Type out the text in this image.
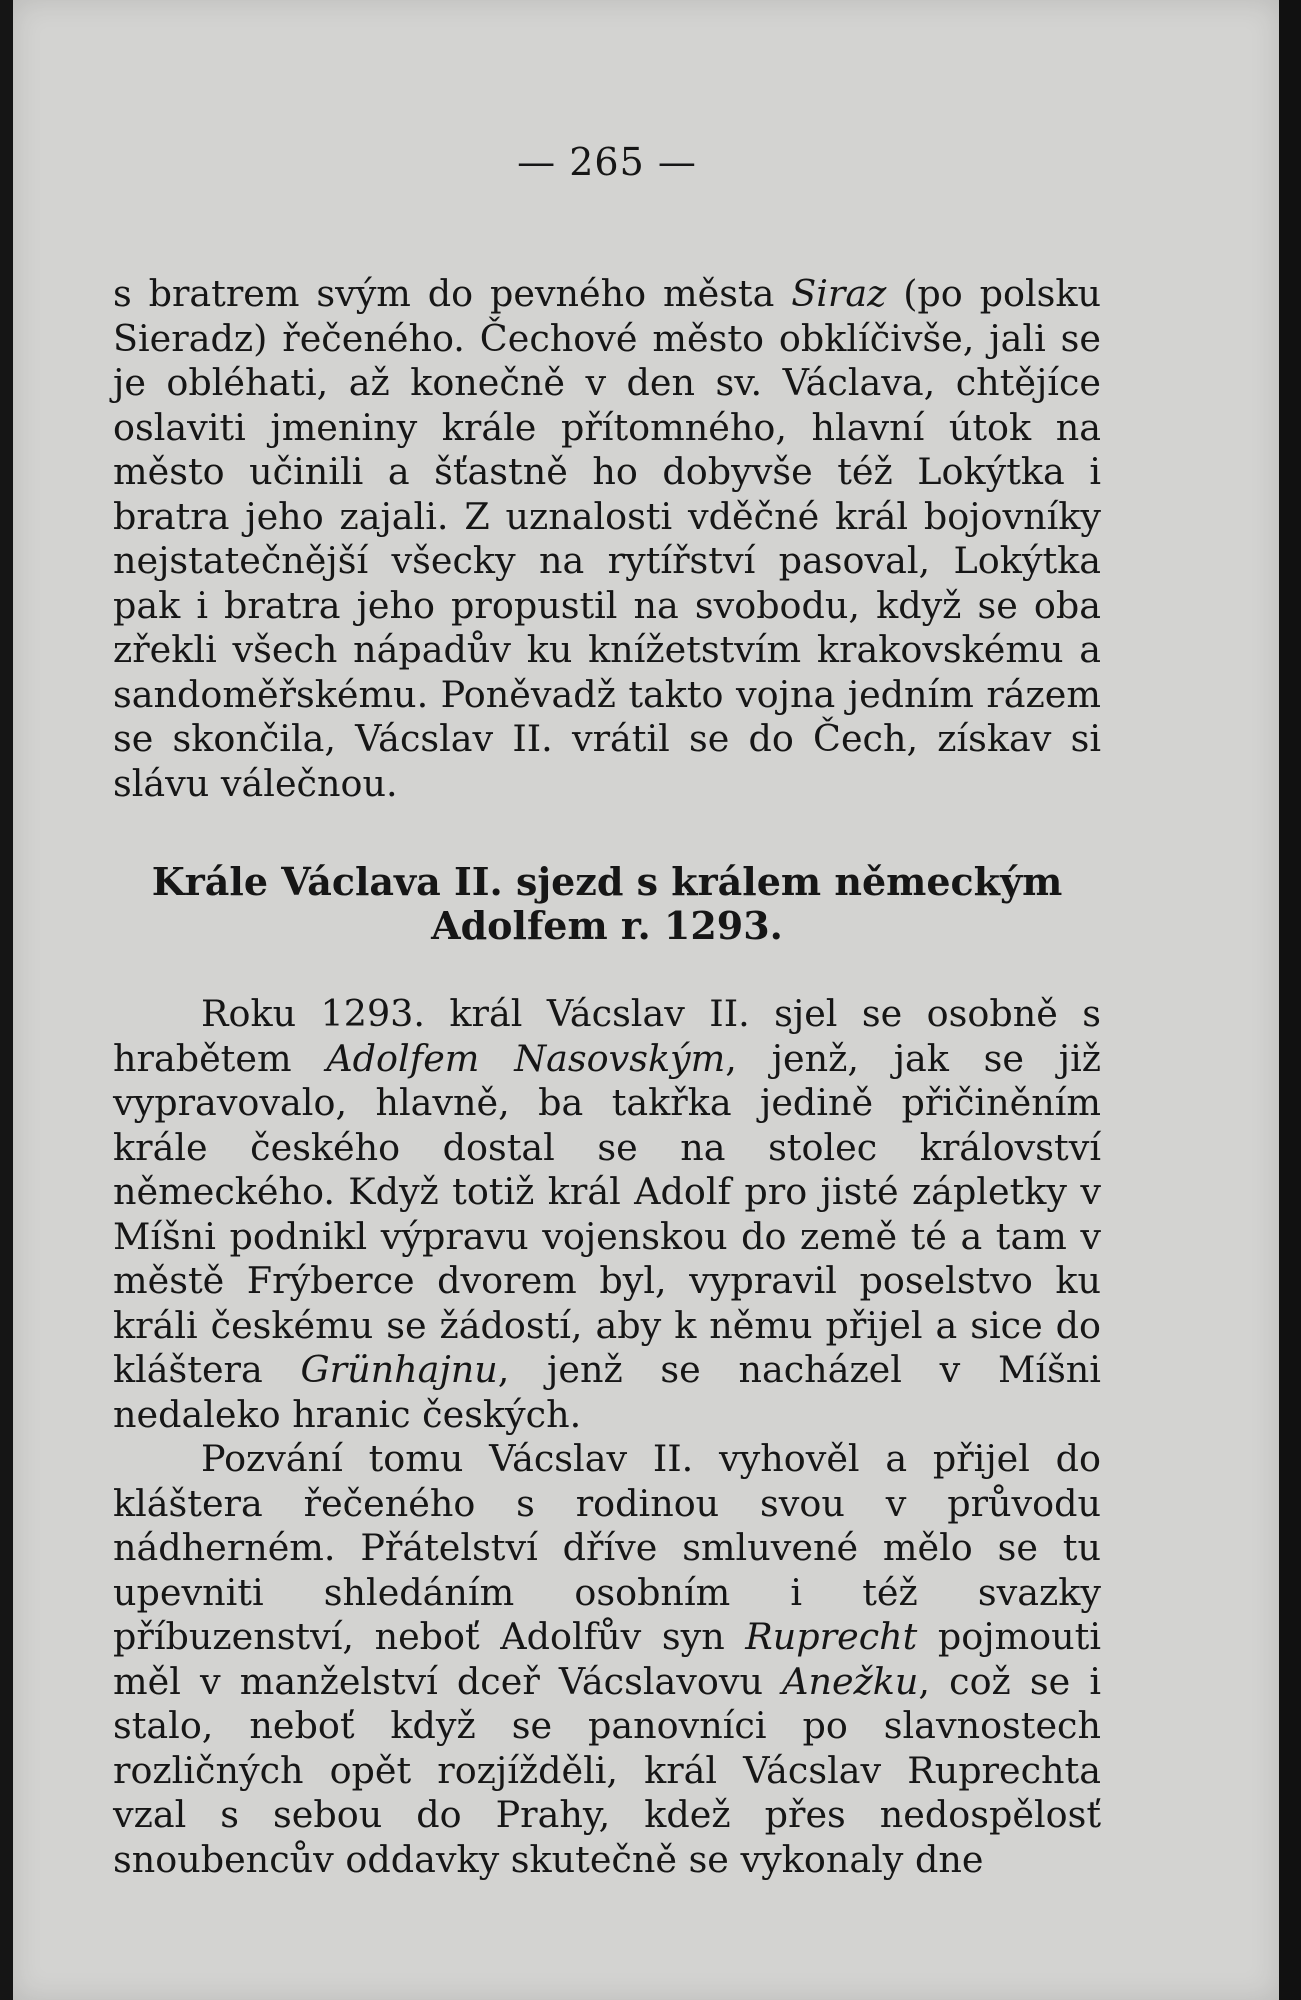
— 265 —

s bratrem svým do pevného města Siraz (po polsku Sieradz) řečeného. Čechové město obklíčivše, jali se je obléhati, až konečně v den sv. Václava, chtějíce oslaviti jmeniny krále přítomného, hlavní útok na město učinili a šťastně ho dobyvše též Lokýtka i bratra jeho zajali. Z uznalosti vděčné král bojovníky nejstatečnější všecky na rytířství pasoval, Lokýtka pak i bratra jeho propustil na svobodu, když se oba zřekli všech nápadův ku knížetstvím krakovskému a sandoměřskému. Poněvadž takto vojna jedním rázem se skončila, Vácslav II. vrátil se do Čech, získav si slávu válečnou.

Krále Václava II. sjezd s králem německým Adolfem r. 1293.

Roku 1293. král Vácslav II. sjel se osobně s hrabětem Adolfem Nasovským, jenž, jak se již vypravovalo, hlavně, ba takřka jedině přičiněním krále českého dostal se na stolec království německého. Když totiž král Adolf pro jisté zápletky v Míšni podnikl výpravu vojenskou do země té a tam v městě Frýberce dvorem byl, vypravil poselstvo ku králi českému se žádostí, aby k němu přijel a sice do kláštera Grünhajnu, jenž se nacházel v Míšni nedaleko hranic českých.

Pozvání tomu Vácslav II. vyhověl a přijel do kláštera řečeného s rodinou svou v průvodu nádherném. Přátelství dříve smluvené mělo se tu upevniti shledáním osobním i též svazky příbuzenství, neboť Adolfův syn Ruprecht pojmouti měl v manželství dceř Vácslavovu Anežku, což se i stalo, neboť když se panovníci po slavnostech rozličných opět rozjížděli, král Vácslav Ruprechta vzal s sebou do Prahy, kdež přes nedospělosť snoubencův oddavky skutečně se vykonaly dne
